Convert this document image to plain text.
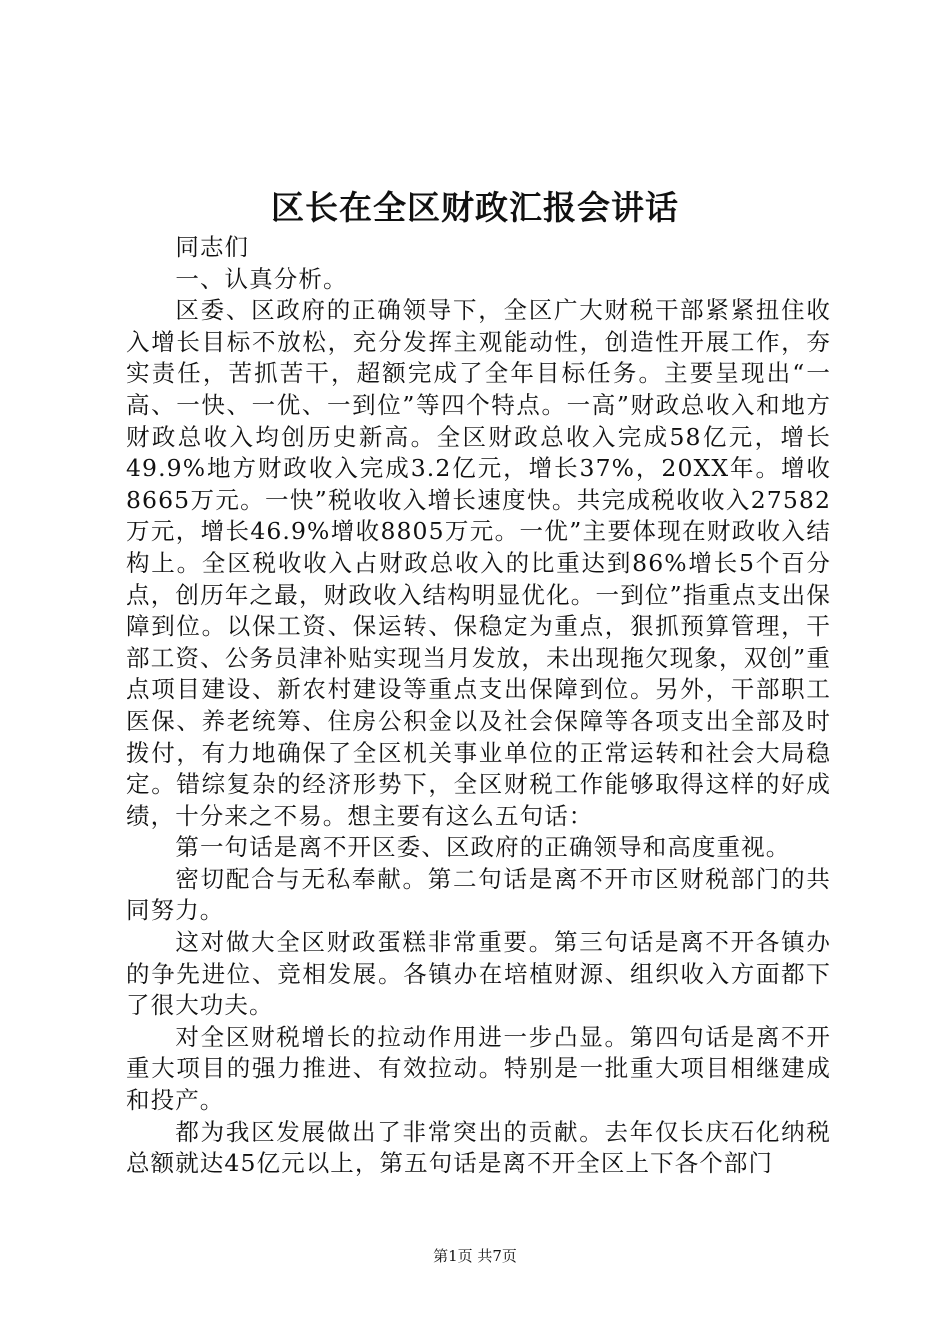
区长在全区财政汇报会讲话

同志们

一、认真分析。

区委、区政府的正确领导下，全区广大财税干部紧紧扭住收入增长目标不放松，充分发挥主观能动性，创造性开展工作，夯实责任，苦抓苦干，超额完成了全年目标任务。主要呈现出“一高、一快、一优、一到位”等四个特点。一高”财政总收入和地方财政总收入均创历史新高。全区财政总收入完成58亿元，增长49.9%地方财政收入完成3.2亿元，增长37%，20XX年。增收8665万元。一快”税收收入增长速度快。共完成税收收入27582万元，增长46.9%增收8805万元。一优”主要体现在财政收入结构上。全区税收收入占财政总收入的比重达到86%增长5个百分点，创历年之最，财政收入结构明显优化。一到位”指重点支出保障到位。以保工资、保运转、保稳定为重点，狠抓预算管理，干部工资、公务员津补贴实现当月发放，未出现拖欠现象，双创”重点项目建设、新农村建设等重点支出保障到位。另外，干部职工医保、养老统筹、住房公积金以及社会保障等各项支出全部及时拨付，有力地确保了全区机关事业单位的正常运转和社会大局稳定。错综复杂的经济形势下，全区财税工作能够取得这样的好成绩，十分来之不易。想主要有这么五句话：

第一句话是离不开区委、区政府的正确领导和高度重视。

密切配合与无私奉献。第二句话是离不开市区财税部门的共同努力。

这对做大全区财政蛋糕非常重要。第三句话是离不开各镇办的争先进位、竞相发展。各镇办在培植财源、组织收入方面都下了很大功夫。

对全区财税增长的拉动作用进一步凸显。第四句话是离不开重大项目的强力推进、有效拉动。特别是一批重大项目相继建成和投产。

都为我区发展做出了非常突出的贡献。去年仅长庆石化纳税总额就达45亿元以上，第五句话是离不开全区上下各个部门

第1页 共7页
